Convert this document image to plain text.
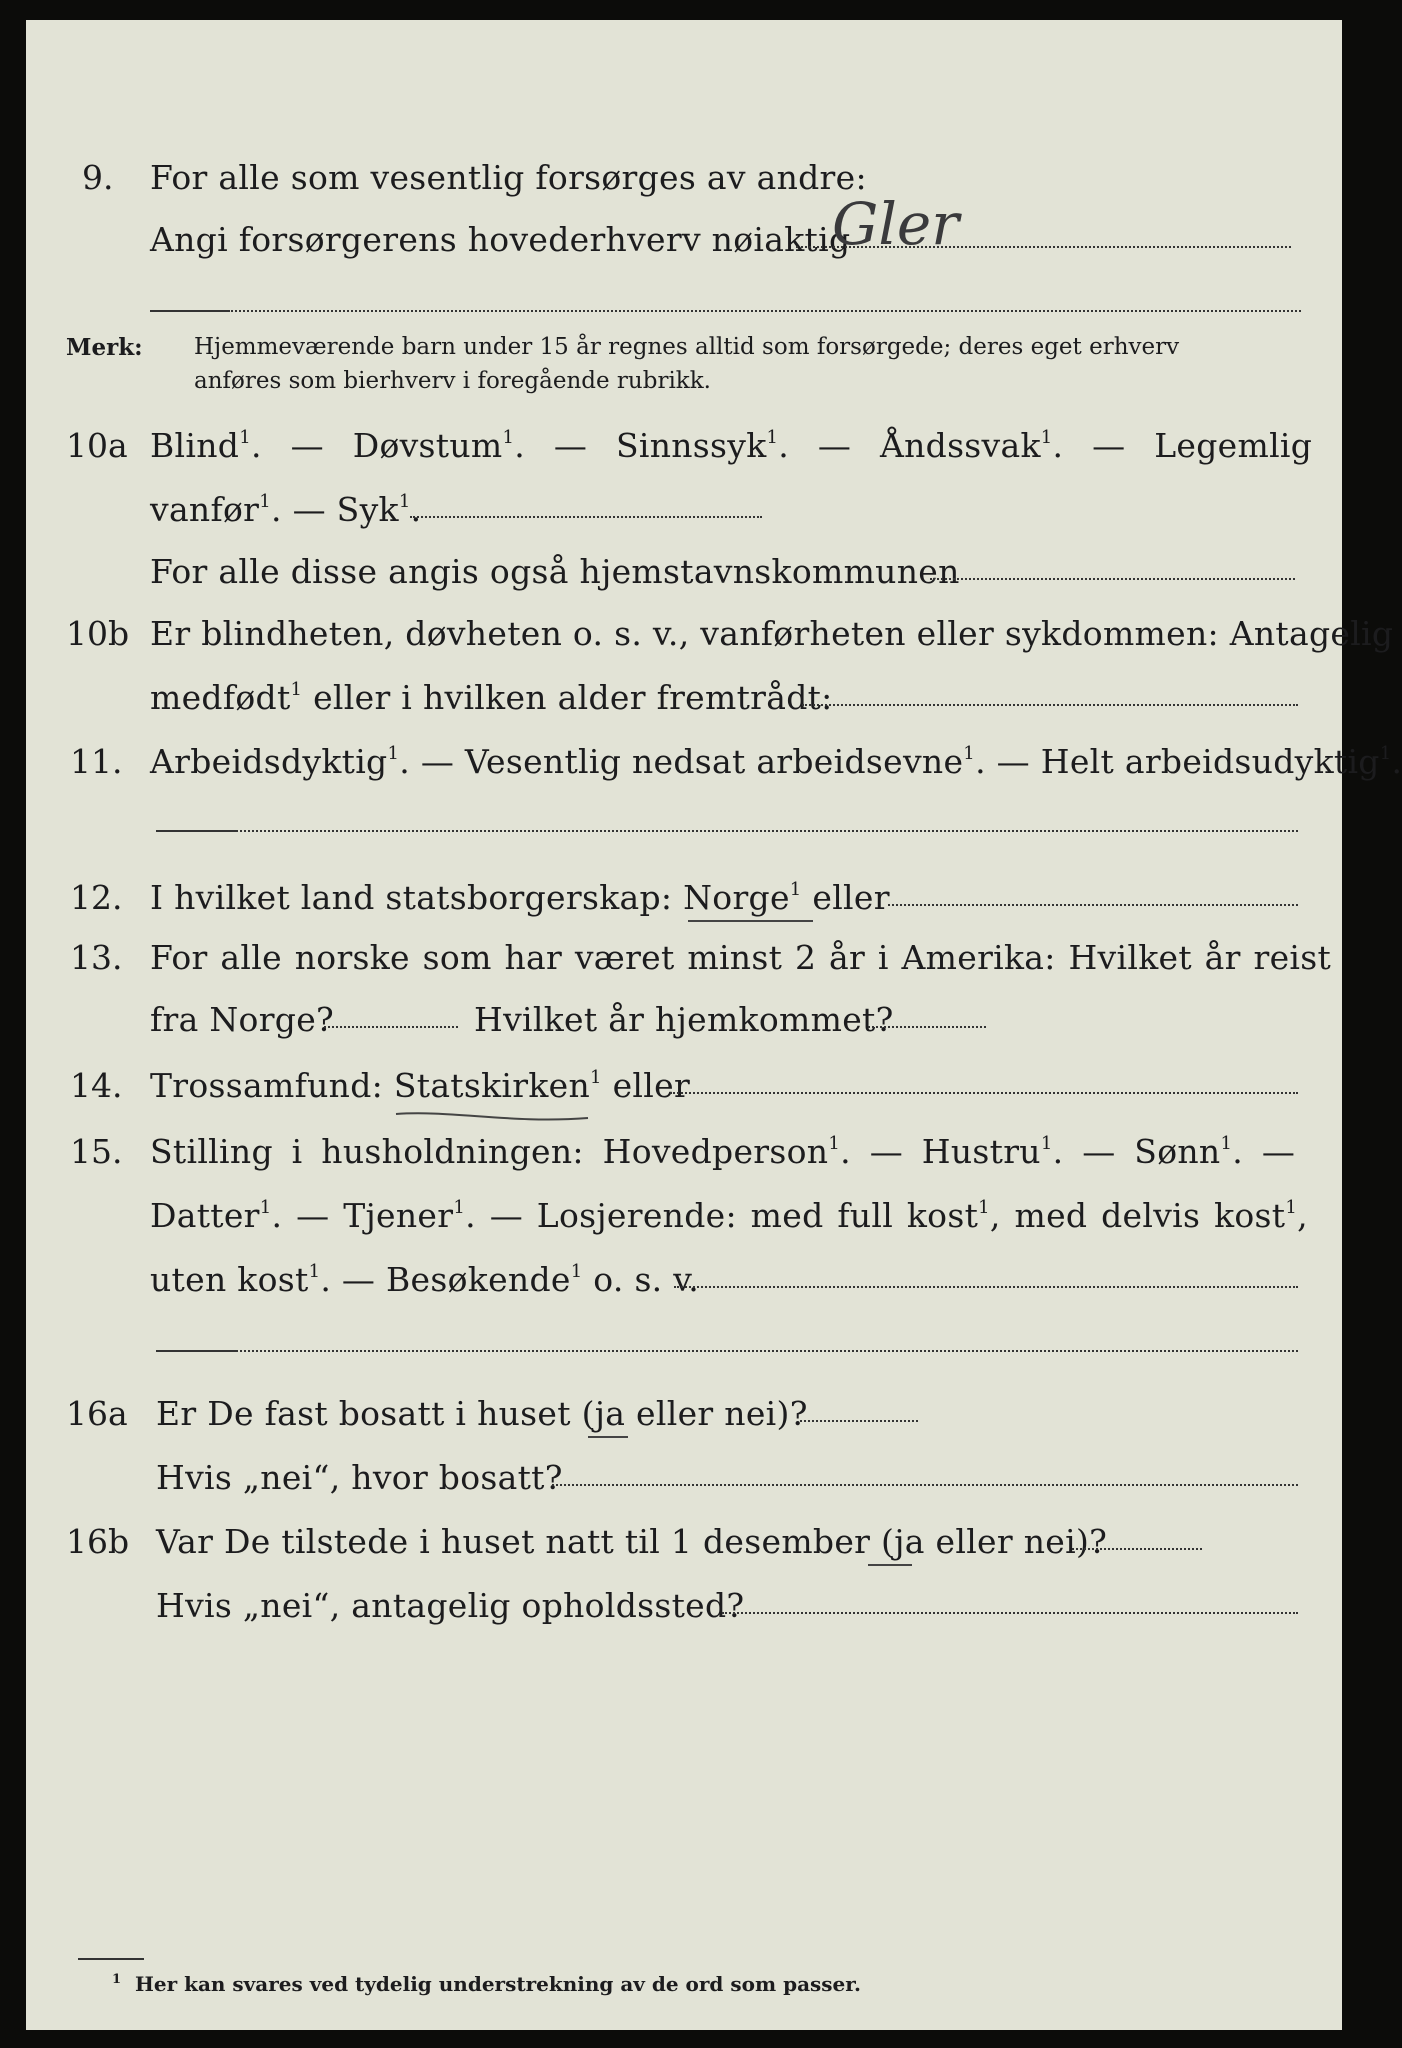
9. For alle som vesentlig forsørges av andre:
Angi forsørgerens hovederhverv nøiaktig
Gler
Merk: Hjemmeværende barn under 15 år regnes alltid som forsørgede; deres eget erhverv
anføres som bierhverv i foregående rubrikk.
10a Blind$^1$. — Døvstum$^1$. — Sinnssyk$^1$. — Åndssvak$^1$. — Legemlig
vanfør$^1$. — Syk$^1$.
For alle disse angis også hjemstavnskommunen
10b Er blindheten, døvheten o. s. v., vanførheten eller sykdommen: Antagelig
medfødt$^1$ eller i hvilken alder fremtrådt:
11. Arbeidsdyktig$^1$. — Vesentlig nedsat arbeidsevne$^1$. — Helt arbeidsudyktig$^1$.
12. I hvilket land statsborgerskap: Norge$^1$ eller
13. For alle norske som har været minst 2 år i Amerika: Hvilket år reist
fra Norge?	Hvilket år hjemkommet?
14. Trossamfund: Statskirken$^1$ eller
15. Stilling i husholdningen: Hovedperson$^1$. — Hustru$^1$. — Sønn$^1$. —
Datter$^1$. — Tjener$^1$. — Losjerende: med full kost$^1$, med delvis kost$^1$,
uten kost$^1$. — Besøkende$^1$ o. s. v.
16a Er De fast bosatt i huset (ja eller nei)?
Hvis „nei“, hvor bosatt?
16b Var De tilstede i huset natt til 1 desember (ja eller nei)?
Hvis „nei“, antagelig opholdssted?
$^1$ Her kan svares ved tydelig understrekning av de ord som passer.
